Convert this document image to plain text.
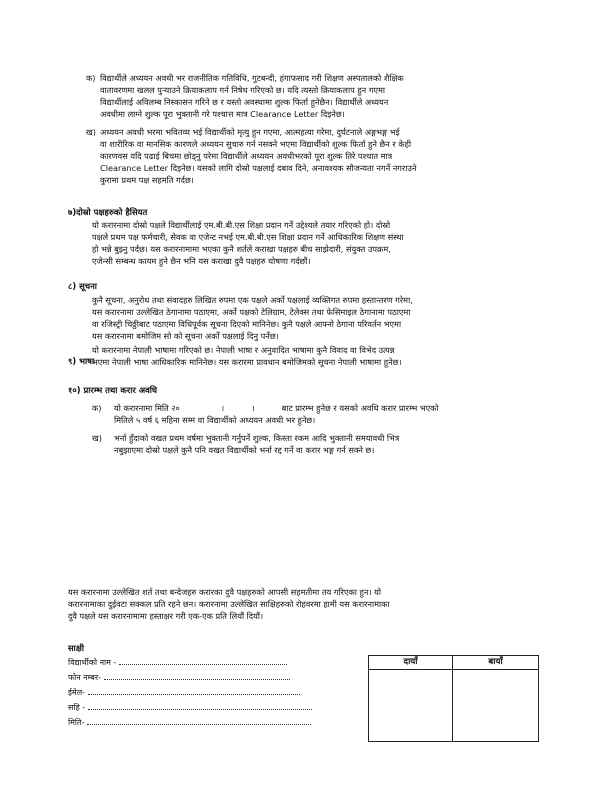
क) विद्यार्थीले अध्ययन अवधी भर राजनीतिक गतिविधि, गुटबन्दी, हंगाफसाद गरी शिक्षण अस्पतालको शैक्षिक
वातावरणमा खलल पुऱ्याउने क्रियाकलाप गर्न निषेध गरिएको छ। यदि त्यस्तो क्रियाकलाप हुन गएमा
विद्यार्थीलाई अविलम्ब निस्कासन गरिने छ र यस्तो अवस्थामा शुल्क फिर्ता हुनेछैन। विद्यार्थीले अध्ययन
अवधीमा लाग्ने शुल्क पूरा भुक्तानी गरे पश्चात्त मात्र Clearance Letter दिइनेछ।
ख) अध्ययन अवधी भरमा भवितव्य भई विद्यार्थीको मृत्यु हुन गएमा, आत्महत्या गरेमा, दुर्घटनाले अङ्गभङ्ग भई
वा शारीरिक वा मानसिक कारणले अध्ययन सुचारु गर्न नसक्ने भएमा विद्यार्थीको शुल्क फिर्ता हुने छैन र केही
कारणवस यदि पढाई बिचमा छोड्नु परेमा विद्यार्थीले अध्ययन अवधीभरको पूरा शुल्क तिरे पश्चात मात्र
Clearance Letter दिइनेछ। यसको लागि दोस्रो पक्षलाई दबाव दिने, अनावश्यक सौजन्यता नगर्ने नगराउने
कुरामा प्रथम पक्ष सहमति गर्दछ।
७)दोस्रो पक्षहरुको हैसियत
यो करारनामा दोस्रो पक्षले विद्यार्थीलाई एम.बी.बी.एस शिक्षा प्रदान गर्ने उद्देश्यले तयार गरिएको हो। दोस्रो
पक्षले प्रथम पक्ष फर्मचारी, सेवक वा एजेन्ट नभई एम.बी.बी.एस शिक्षा प्रदान गर्ने आधिकारिक शिक्षण संस्था
हो भन्ने बुझ्नु पर्दछ। यस करारनामामा भएका कुनै शर्तले कराखा पक्षहरु बीच साझेदारी, संयुक्त उपक्रम,
एजेन्सी सम्बन्ध कायम हुने छैन भनि यस कराखा दुवै पक्षहरु घोषणा गर्दछौं।
८) सूचना
कुनै सूचना, अनुरोध तथा संवादहरु लिखित रुपमा एक पक्षले अर्को पक्षलाई व्यक्तिगत रुपमा हस्तान्तरण गरेमा,
यस करारनामा उल्लेखित ठेगानामा पठाएमा, अर्को पक्षको टेलिग्राम, टेलेक्स तथा फेसिमाइल ठेगानामा पठाएमा
वा रजिस्ट्री चिठ्ठीबाट पठाएमा विधिपूर्वक सूचना दिएको मानिनेछ। कुनै पक्षले आफ्नो ठेगाना परिवर्तन भएमा
यस करारनामा बमोजिम सो को सूचना अर्को पक्षलाई दिनु पर्नेछ।
९) भाषा
यो करारनामा नेपाली भाषामा गरिएको छ। नेपाली भाषा र अनुवादित भाषामा कुनै विवाद वा विभेद उत्पन्न
भएमा नेपाली भाषा आधिकारिक मानिनेछ। यस करारमा प्रावधान बमोजिमको सूचना नेपाली भाषामा हुनेछ।
१०) प्रारम्भ तथा करार अवधि
क) यो करारनामा मिति २०	।	।	बाट प्रारम्भ हुनेछ र यसको अवधि करार प्रारम्भ भएको
मितिले ५ वर्ष ६ महिना सम्म वा विद्यार्थीको अध्ययन अवधी भर हुनेछ।
ख) भर्ना हुँदाको वखत प्रथम वर्षमा भुक्तानी गर्नुपर्ने शुल्क, किस्ता रकम आदि भुक्तानी समयावधी भित्र
नबुझाएमा दोस्रो पक्षले कुनै पनि वखत विद्यार्थीको भर्ना रद्द गर्ने वा करार भङ्ग गर्न सक्ने छ।
यस करारनामा उल्लेखित शर्त तथा बन्देजहरु करारका दुवै पक्षहरुको आपसी सहमतीमा तय गरिएका हुन। यो
करारनामाका दुईवटा सक्कल प्रति रहने छन। करारनामा उल्लेखित साक्षिहरुको रोहवरमा हामी यस करारनामाका
दुवै पक्षले यस करारनामामा हस्ताक्षर गरी एक-एक प्रति लियौं दियौं।
साक्षी
विद्यार्थीको नाम -
फोन नम्बर-
ईमेल-
सहि -
मिति-
दायाँ	बायाँ
